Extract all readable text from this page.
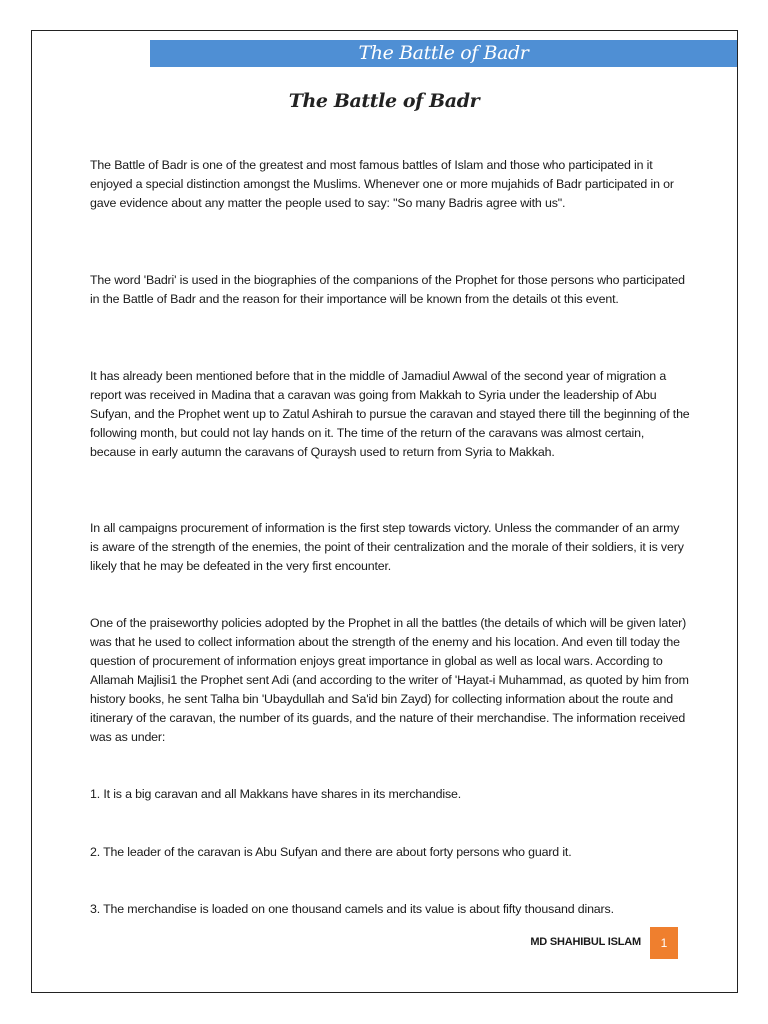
The Battle of Badr
The Battle of Badr

The Battle of Badr is one of the greatest and most famous battles of Islam and those who participated in it enjoyed a special distinction amongst the Muslims. Whenever one or more mujahids of Badr participated in or gave evidence about any matter the people used to say: "So many Badris agree with us".

The word 'Badri' is used in the biographies of the companions of the Prophet for those persons who participated in the Battle of Badr and the reason for their importance will be known from the details ot this event.

It has already been mentioned before that in the middle of Jamadiul Awwal of the second year of migration a report was received in Madina that a caravan was going from Makkah to Syria under the leadership of Abu Sufyan, and the Prophet went up to Zatul Ashirah to pursue the caravan and stayed there till the beginning of the following month, but could not lay hands on it. The time of the return of the caravans was almost certain, because in early autumn the caravans of Quraysh used to return from Syria to Makkah.

In all campaigns procurement of information is the first step towards victory. Unless the commander of an army is aware of the strength of the enemies, the point of their centralization and the morale of their soldiers, it is very likely that he may be defeated in the very first encounter.

One of the praiseworthy policies adopted by the Prophet in all the battles (the details of which will be given later) was that he used to collect information about the strength of the enemy and his location. And even till today the question of procurement of information enjoys great importance in global as well as local wars. According to Allamah Majlisi1 the Prophet sent Adi (and according to the writer of 'Hayat-i Muhammad, as quoted by him from history books, he sent Talha bin 'Ubaydullah and Sa'id bin Zayd) for collecting information about the route and itinerary of the caravan, the number of its guards, and the nature of their merchandise. The information received was as under:

1. It is a big caravan and all Makkans have shares in its merchandise.

2. The leader of the caravan is Abu Sufyan and there are about forty persons who guard it.

3. The merchandise is loaded on one thousand camels and its value is about fifty thousand dinars.

MD SHAHIBUL ISLAM	1
